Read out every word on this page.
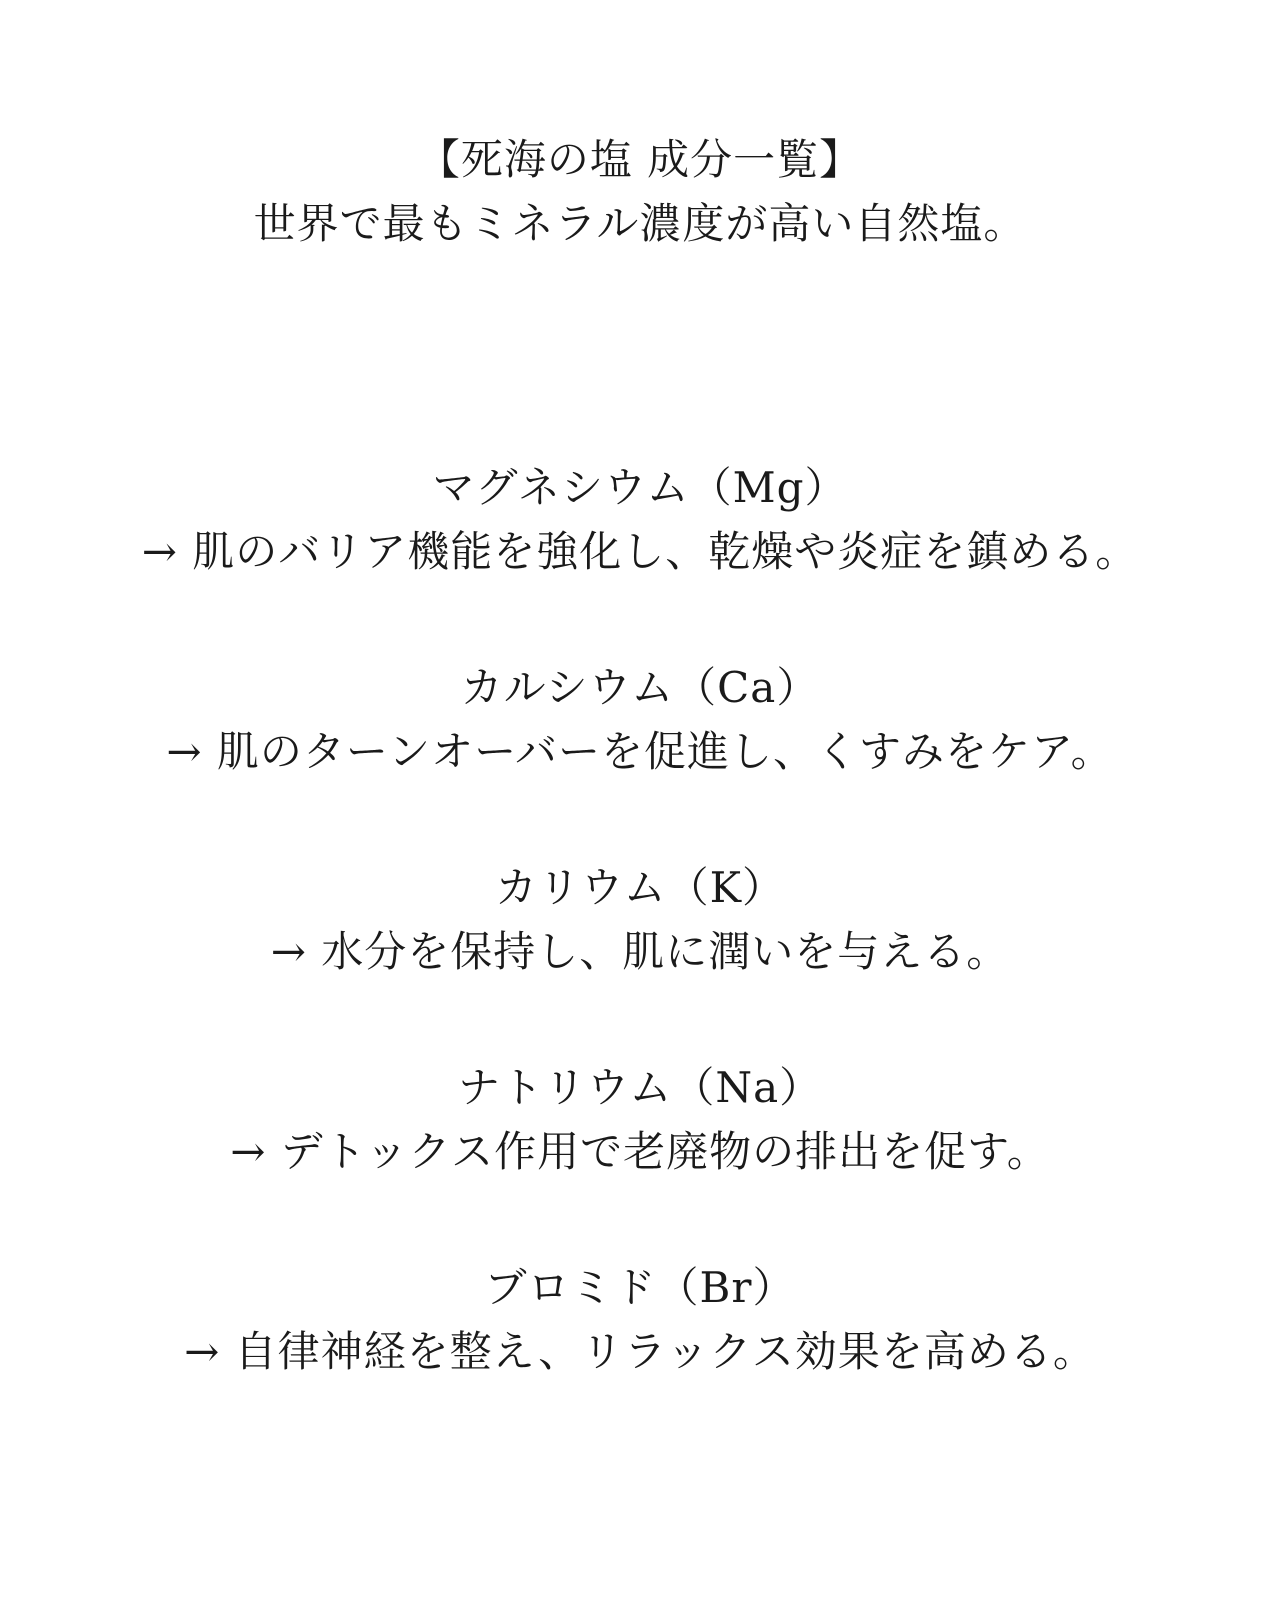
【死海の塩 成分一覧】
世界で最もミネラル濃度が高い自然塩。
マグネシウム（Mg）
→ 肌のバリア機能を強化し、乾燥や炎症を鎮める。
カルシウム（Ca）
→ 肌のターンオーバーを促進し、くすみをケア。
カリウム（K）
→ 水分を保持し、肌に潤いを与える。
ナトリウム（Na）
→ デトックス作用で老廃物の排出を促す。
ブロミド（Br）
→ 自律神経を整え、リラックス効果を高める。
